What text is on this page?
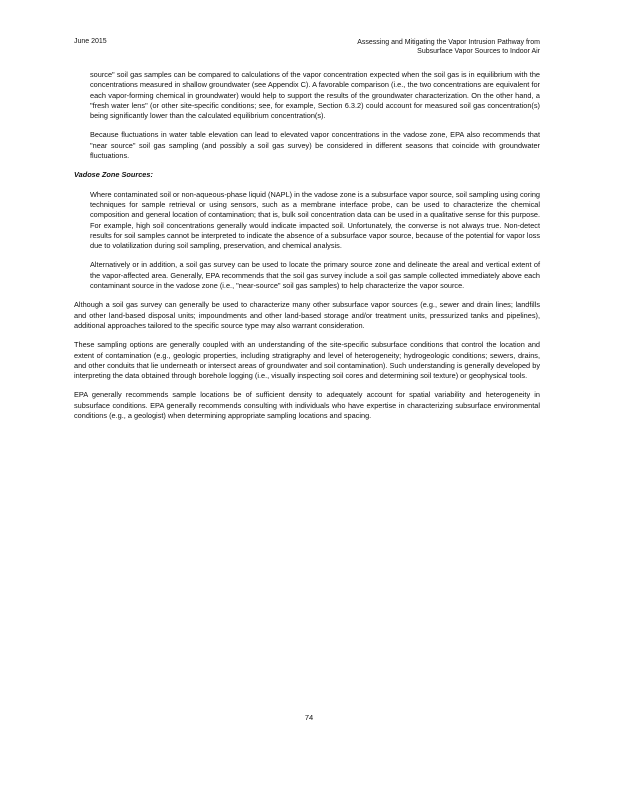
June 2015	Assessing and Mitigating the Vapor Intrusion Pathway from
Subsurface Vapor Sources to Indoor Air

source" soil gas samples can be compared to calculations of the vapor concentration expected when the soil gas is in equilibrium with the concentrations measured in shallow groundwater (see Appendix C). A favorable comparison (i.e., the two concentrations are equivalent for each vapor-forming chemical in groundwater) would help to support the results of the groundwater characterization. On the other hand, a "fresh water lens" (or other site-specific conditions; see, for example, Section 6.3.2) could account for measured soil gas concentration(s) being significantly lower than the calculated equilibrium concentration(s).

Because fluctuations in water table elevation can lead to elevated vapor concentrations in the vadose zone, EPA also recommends that "near source" soil gas sampling (and possibly a soil gas survey) be considered in different seasons that coincide with groundwater fluctuations.

Vadose Zone Sources:

Where contaminated soil or non-aqueous-phase liquid (NAPL) in the vadose zone is a subsurface vapor source, soil sampling using coring techniques for sample retrieval or using sensors, such as a membrane interface probe, can be used to characterize the chemical composition and general location of contamination; that is, bulk soil concentration data can be used in a qualitative sense for this purpose. For example, high soil concentrations generally would indicate impacted soil. Unfortunately, the converse is not always true. Non-detect results for soil samples cannot be interpreted to indicate the absence of a subsurface vapor source, because of the potential for vapor loss due to volatilization during soil sampling, preservation, and chemical analysis.

Alternatively or in addition, a soil gas survey can be used to locate the primary source zone and delineate the areal and vertical extent of the vapor-affected area. Generally, EPA recommends that the soil gas survey include a soil gas sample collected immediately above each contaminant source in the vadose zone (i.e., "near-source" soil gas samples) to help characterize the vapor source.

Although a soil gas survey can generally be used to characterize many other subsurface vapor sources (e.g., sewer and drain lines; landfills and other land-based disposal units; impoundments and other land-based storage and/or treatment units, pressurized tanks and pipelines), additional approaches tailored to the specific source type may also warrant consideration.

These sampling options are generally coupled with an understanding of the site-specific subsurface conditions that control the location and extent of contamination (e.g., geologic properties, including stratigraphy and level of heterogeneity; hydrogeologic conditions; sewers, drains, and other conduits that lie underneath or intersect areas of groundwater and soil contamination). Such understanding is generally developed by interpreting the data obtained through borehole logging (i.e., visually inspecting soil cores and determining soil texture) or geophysical tools.

EPA generally recommends sample locations be of sufficient density to adequately account for spatial variability and heterogeneity in subsurface conditions. EPA generally recommends consulting with individuals who have expertise in characterizing subsurface environmental conditions (e.g., a geologist) when determining appropriate sampling locations and spacing.

74
